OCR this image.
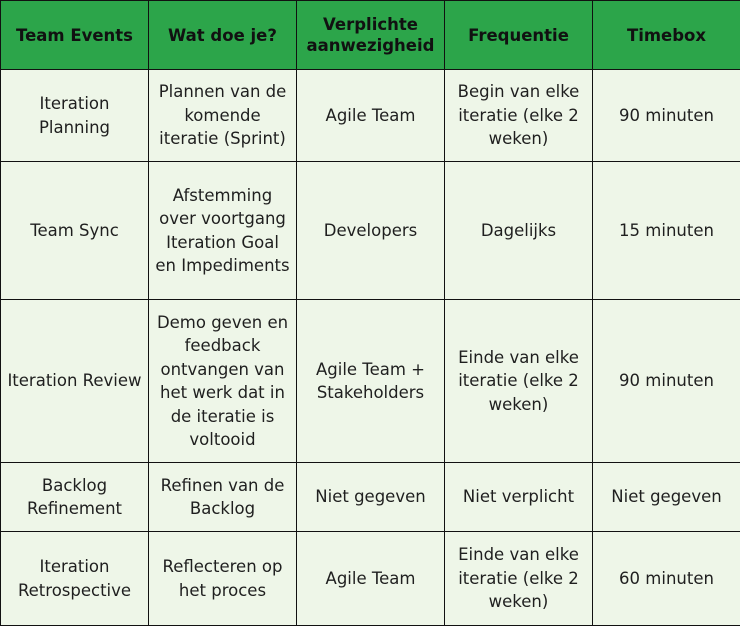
Team Events	Wat doe je?	Verplichte aanwezigheid	Frequentie	Timebox
Iteration Planning	Plannen van de komende iteratie (Sprint)	Agile Team	Begin van elke iteratie (elke 2 weken)	90 minuten
Team Sync	Afstemming over voortgang Iteration Goal en Impediments	Developers	Dagelijks	15 minuten
Iteration Review	Demo geven en feedback ontvangen van het werk dat in de iteratie is voltooid	Agile Team + Stakeholders	Einde van elke iteratie (elke 2 weken)	90 minuten
Backlog Refinement	Refinen van de Backlog	Niet gegeven	Niet verplicht	Niet gegeven
Iteration Retrospective	Reflecteren op het proces	Agile Team	Einde van elke iteratie (elke 2 weken)	60 minuten
